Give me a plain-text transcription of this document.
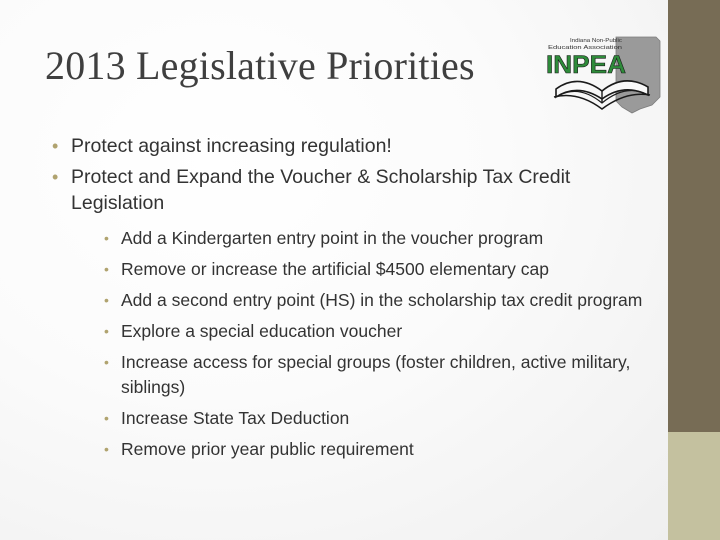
2013 Legislative Priorities
Indiana Non-Public
Education Association
INPEA
• Protect against increasing regulation!
• Protect and Expand the Voucher & Scholarship Tax Credit Legislation
• Add a Kindergarten entry point in the voucher program
• Remove or increase the artificial $4500 elementary cap
• Add a second entry point (HS) in the scholarship tax credit program
• Explore a special education voucher
• Increase access for special groups (foster children, active military, siblings)
• Increase State Tax Deduction
• Remove prior year public requirement
